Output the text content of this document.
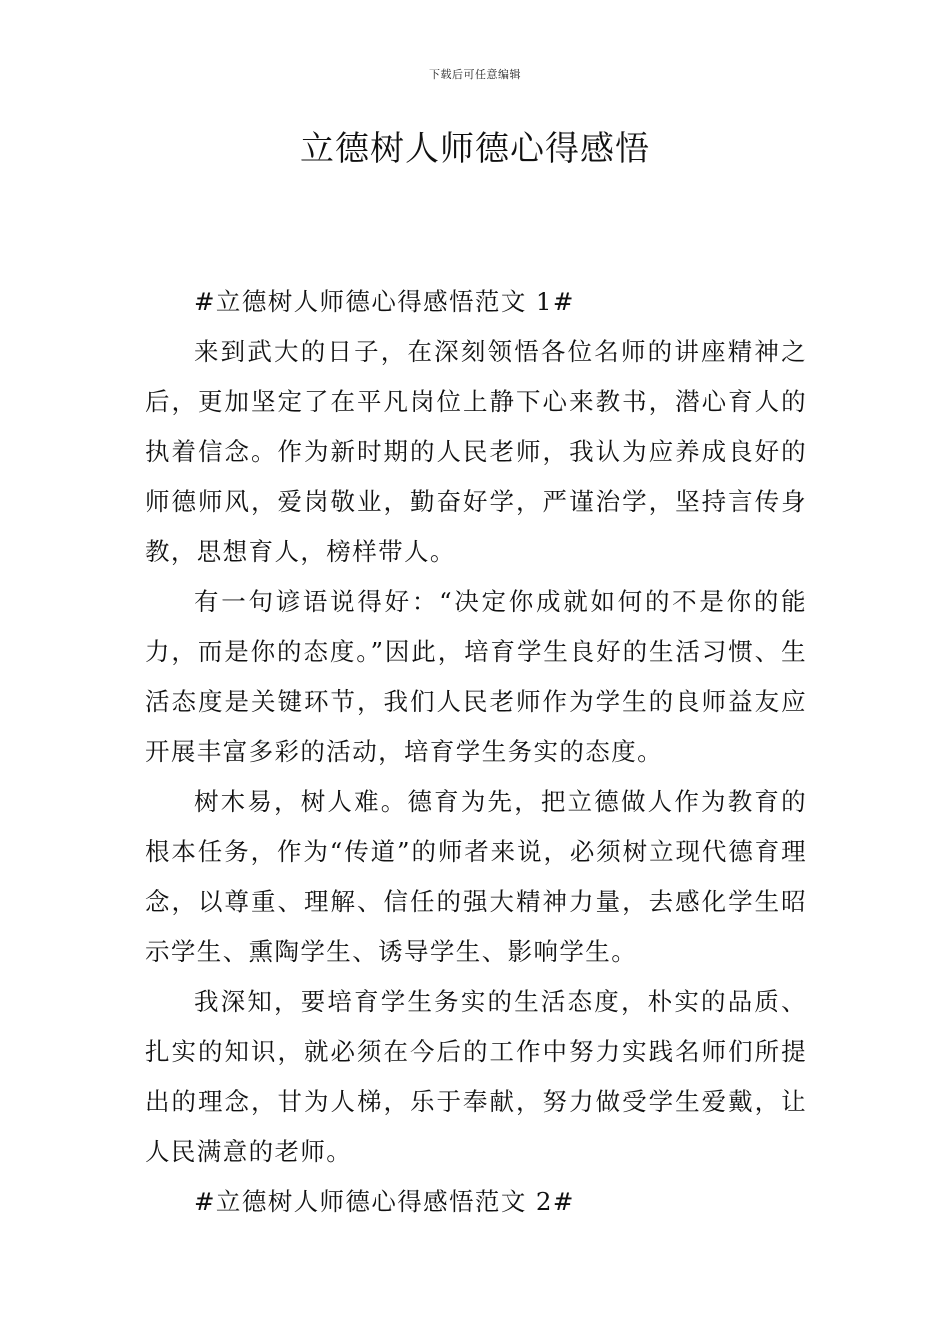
下载后可任意编辑
立德树人师德心得感悟
#立德树人师德心得感悟范文 1#

来到武大的日子，在深刻领悟各位名师的讲座精神之后，更加坚定了在平凡岗位上静下心来教书，潜心育人的执着信念。作为新时期的人民老师，我认为应养成良好的师德师风，爱岗敬业，勤奋好学，严谨治学，坚持言传身教，思想育人，榜样带人。

有一句谚语说得好：“决定你成就如何的不是你的能力，而是你的态度。”因此，培育学生良好的生活习惯、生活态度是关键环节，我们人民老师作为学生的良师益友应开展丰富多彩的活动，培育学生务实的态度。

树木易，树人难。德育为先，把立德做人作为教育的根本任务，作为“传道”的师者来说，必须树立现代德育理念，以尊重、理解、信任的强大精神力量，去感化学生昭示学生、熏陶学生、诱导学生、影响学生。

我深知，要培育学生务实的生活态度，朴实的品质、扎实的知识，就必须在今后的工作中努力实践名师们所提出的理念，甘为人梯，乐于奉献，努力做受学生爱戴，让人民满意的老师。

#立德树人师德心得感悟范文 2#
